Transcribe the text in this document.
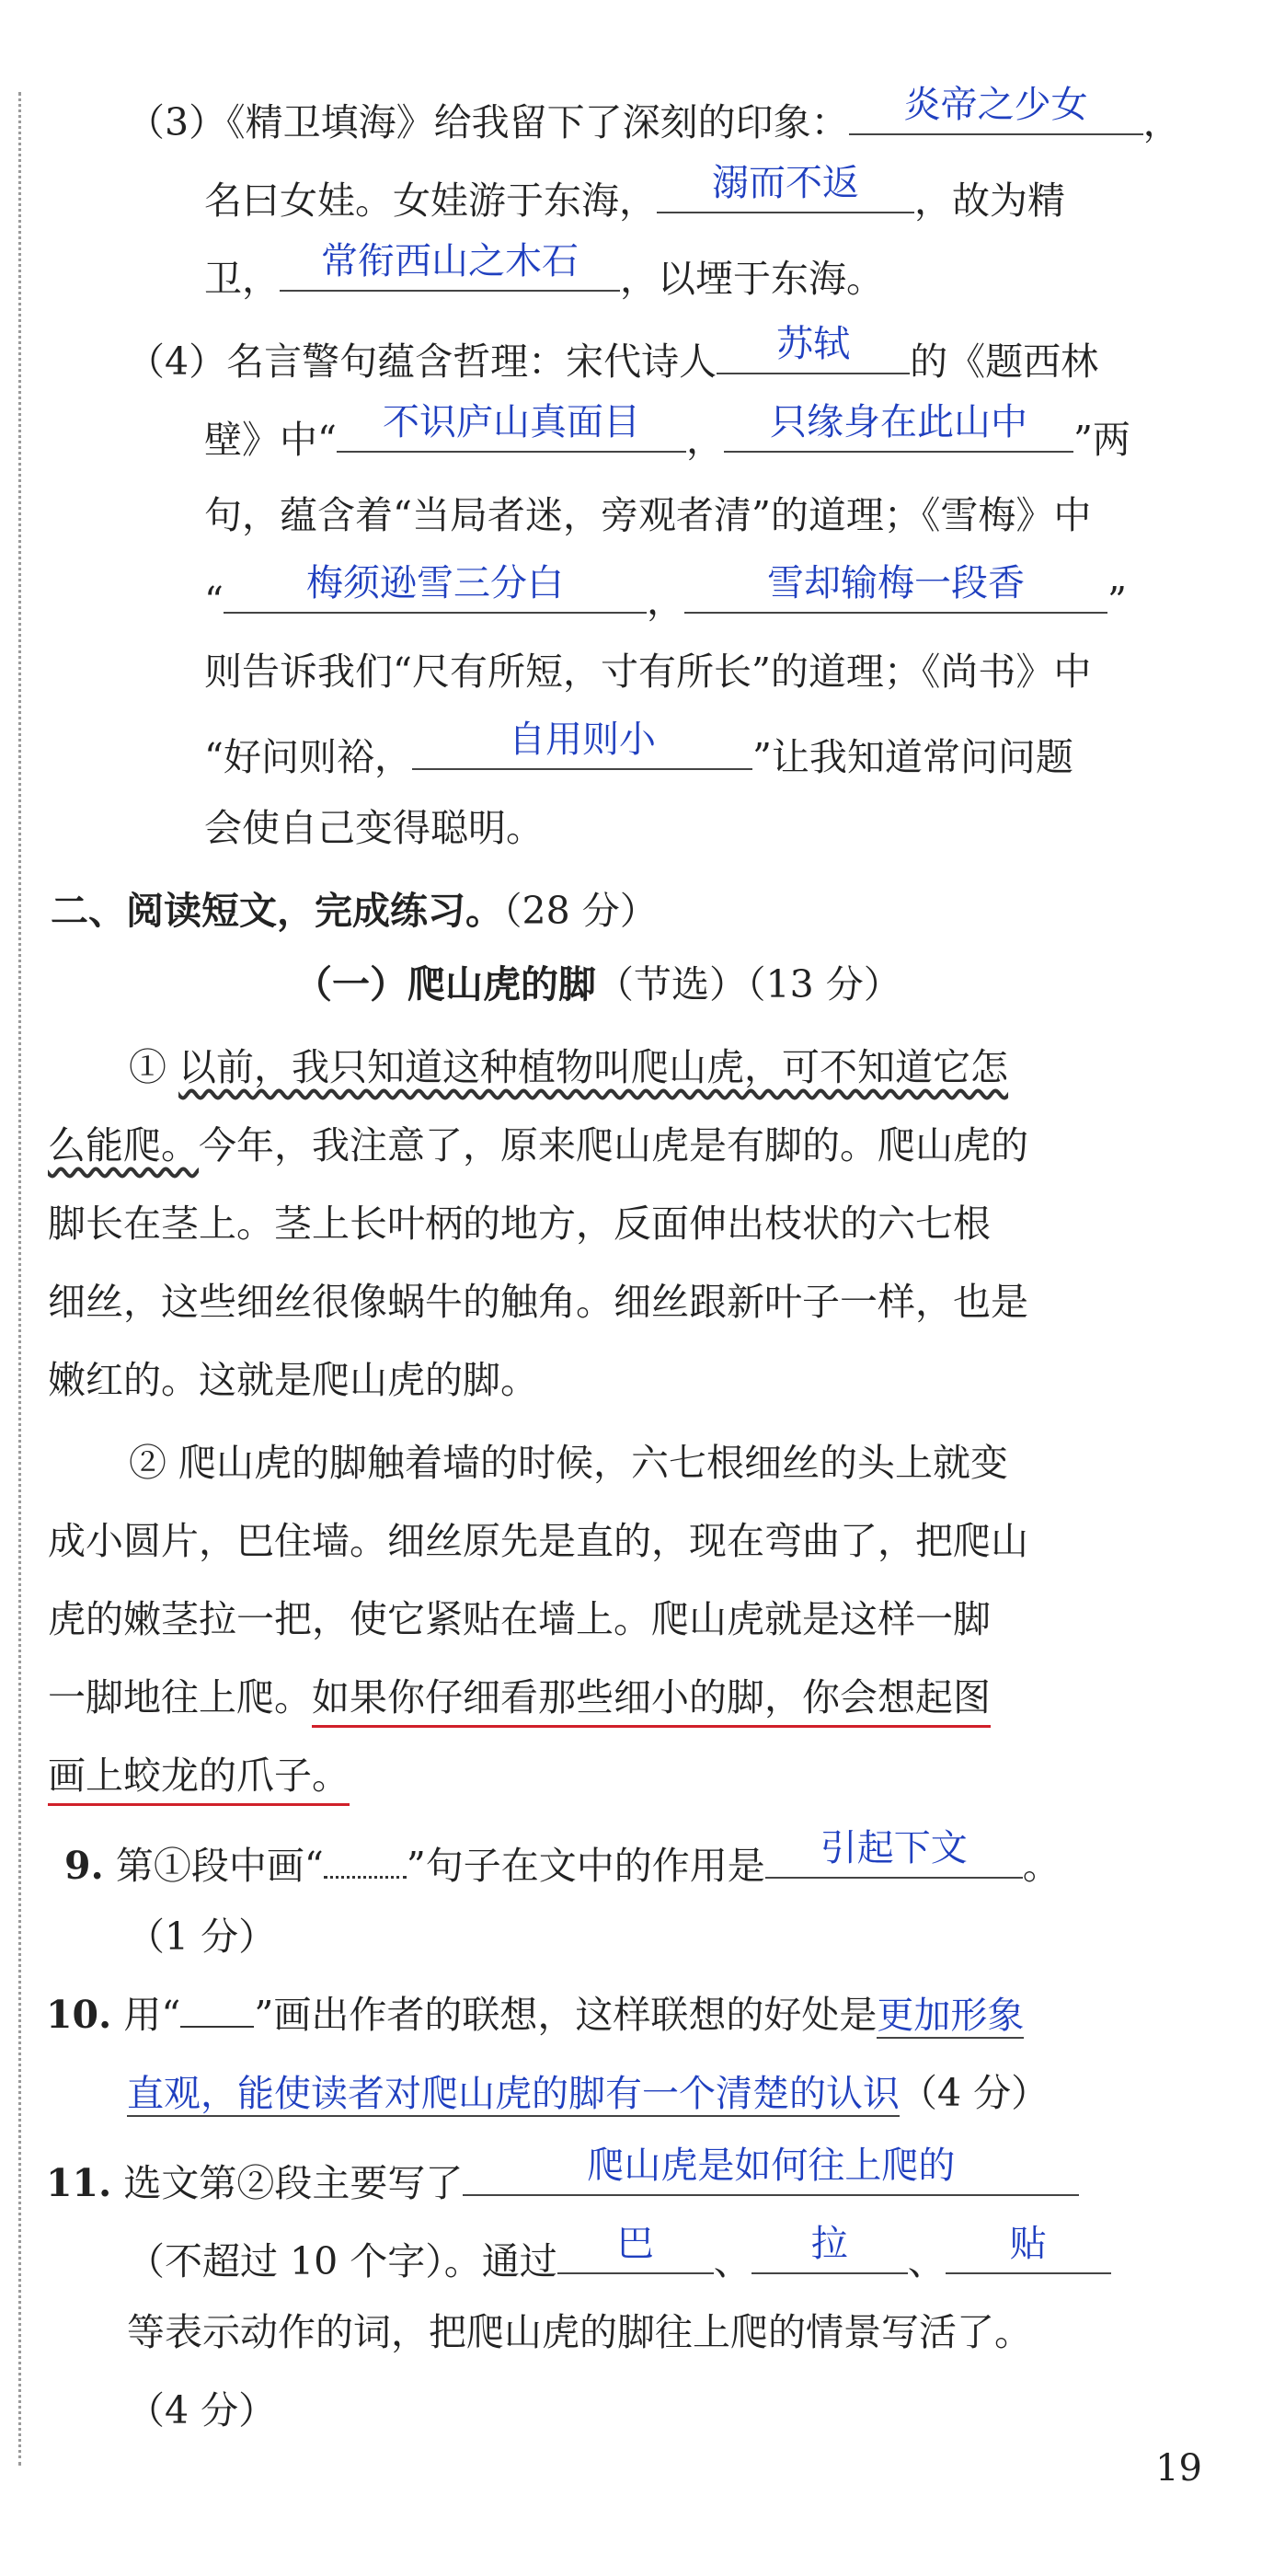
（3）《精卫填海》给我留下了深刻的印象：	炎帝之少女	，
名曰女娃。女娃游于东海，	溺而不返	，故为精
卫，	常衔西山之木石	，以堙于东海。
（4）名言警句蕴含哲理：宋代诗人	苏轼	的《题西林
壁》中“	不识庐山真面目	，	只缘身在此山中	”两
句，蕴含着“当局者迷，旁观者清”的道理；《雪梅》中
“	梅须逊雪三分白	，	雪却输梅一段香	”
则告诉我们“尺有所短，寸有所长”的道理；《尚书》中
“好问则裕，	自用则小	”让我知道常问问题
会使自己变得聪明。
二、阅读短文，完成练习。（28 分）
（一）爬山虎的脚（节选）（13 分）
① 以前，我只知道这种植物叫爬山虎，可不知道它怎
么能爬。今年，我注意了，原来爬山虎是有脚的。爬山虎的
脚长在茎上。茎上长叶柄的地方，反面伸出枝状的六七根
细丝，这些细丝很像蜗牛的触角。细丝跟新叶子一样，也是
嫩红的。这就是爬山虎的脚。
② 爬山虎的脚触着墙的时候，六七根细丝的头上就变
成小圆片，巴住墙。细丝原先是直的，现在弯曲了，把爬山
虎的嫩茎拉一把，使它紧贴在墙上。爬山虎就是这样一脚
一脚地往上爬。如果你仔细看那些细小的脚，你会想起图
画上蛟龙的爪子。
9. 第①段中画“ ”句子在文中的作用是	引起下文	。
（1 分）
10. 用“ ”画出作者的联想，这样联想的好处是更加形象
直观，能使读者对爬山虎的脚有一个清楚的认识（4 分）
11. 选文第②段主要写了	爬山虎是如何往上爬的
（不超过 10 个字）。通过	巴	、	拉	、	贴
等表示动作的词，把爬山虎的脚往上爬的情景写活了。
（4 分）
19
